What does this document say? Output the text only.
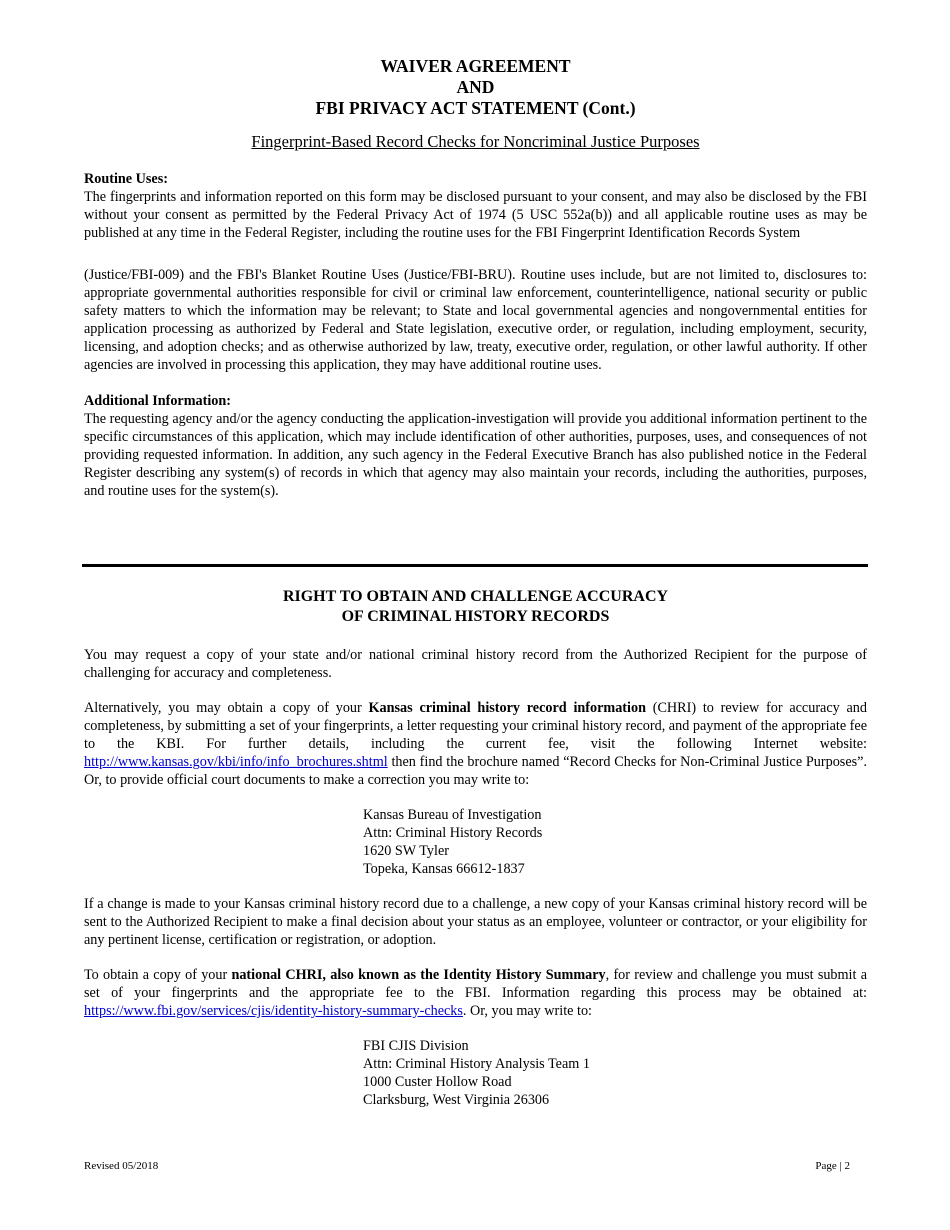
WAIVER AGREEMENT
AND
FBI PRIVACY ACT STATEMENT (Cont.)
Fingerprint-Based Record Checks for Noncriminal Justice Purposes
Routine Uses:

The fingerprints and information reported on this form may be disclosed pursuant to your consent, and may also be disclosed by the FBI without your consent as permitted by the Federal Privacy Act of 1974 (5 USC 552a(b)) and all applicable routine uses as may be published at any time in the Federal Register, including the routine uses for the FBI Fingerprint Identification Records System

(Justice/FBI-009) and the FBI's Blanket Routine Uses (Justice/FBI-BRU). Routine uses include, but are not limited to, disclosures to: appropriate governmental authorities responsible for civil or criminal law enforcement, counterintelligence, national security or public safety matters to which the information may be relevant; to State and local governmental agencies and nongovernmental entities for application processing as authorized by Federal and State legislation, executive order, or regulation, including employment, security, licensing, and adoption checks; and as otherwise authorized by law, treaty, executive order, regulation, or other lawful authority. If other agencies are involved in processing this application, they may have additional routine uses.

Additional Information:

The requesting agency and/or the agency conducting the application-investigation will provide you additional information pertinent to the specific circumstances of this application, which may include identification of other authorities, purposes, uses, and consequences of not providing requested information. In addition, any such agency in the Federal Executive Branch has also published notice in the Federal Register describing any system(s) of records in which that agency may also maintain your records, including the authorities, purposes, and routine uses for the system(s).

RIGHT TO OBTAIN AND CHALLENGE ACCURACY
OF CRIMINAL HISTORY RECORDS

You may request a copy of your state and/or national criminal history record from the Authorized Recipient for the purpose of challenging for accuracy and completeness.

Alternatively, you may obtain a copy of your Kansas criminal history record information (CHRI) to review for accuracy and completeness, by submitting a set of your fingerprints, a letter requesting your criminal history record, and payment of the appropriate fee to the KBI. For further details, including the current fee, visit the following Internet website: http://www.kansas.gov/kbi/info/info_brochures.shtml then find the brochure named “Record Checks for Non-Criminal Justice Purposes”. Or, to provide official court documents to make a correction you may write to:

Kansas Bureau of Investigation
Attn: Criminal History Records
1620 SW Tyler
Topeka, Kansas 66612-1837

If a change is made to your Kansas criminal history record due to a challenge, a new copy of your Kansas criminal history record will be sent to the Authorized Recipient to make a final decision about your status as an employee, volunteer or contractor, or your eligibility for any pertinent license, certification or registration, or adoption.

To obtain a copy of your national CHRI, also known as the Identity History Summary, for review and challenge you must submit a set of your fingerprints and the appropriate fee to the FBI. Information regarding this process may be obtained at: https://www.fbi.gov/services/cjis/identity-history-summary-checks. Or, you may write to:

FBI CJIS Division
Attn: Criminal History Analysis Team 1
1000 Custer Hollow Road
Clarksburg, West Virginia 26306
Revised 05/2018	Page | 2
